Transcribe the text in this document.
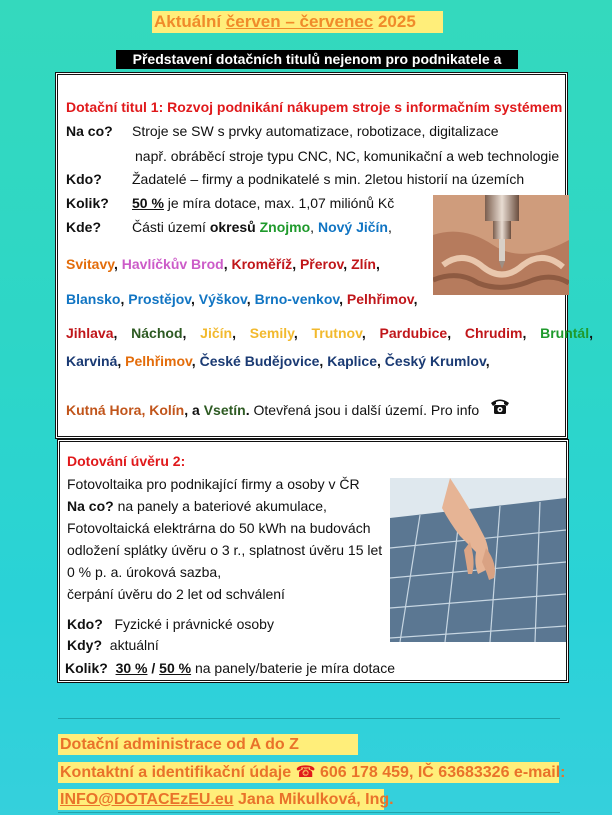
Aktuální červen – červenec 2025
Představení dotačních titulů nejenom pro podnikatele a
Dotační titul 1: Rozvoj podnikání nákupem stroje s informačním systémem
Na co? Stroje se SW s prvky automatizace, robotizace, digitalizace
např. obráběcí stroje typu CNC, NC, komunikační a web technologie
Kdo? Žadatelé – firmy a podnikatelé s min. 2letou historií na územích
Kolik? 50 % je míra dotace, max. 1,07 miliónů Kč
Kde? Části území okresů Znojmo, Nový Jičín,
Svitavy, Havlíčkův Brod, Kroměříž, Přerov, Zlín,
Blansko, Prostějov, Výškov, Brno-venkov, Pelhřimov,
Jihlava,  Náchod,  Jičín,  Semily,  Trutnov,  Pardubice,  Chrudim,  Bruntál,
Karviná, Pelhřimov, České Budějovice, Kaplice, Český Krumlov,
Kutná Hora, Kolín, a Vsetín. Otevřená jsou i další území. Pro info
Dotování úvěru 2:
Fotovoltaika pro podnikající firmy a osoby v ČR
Na co? na panely a bateriové akumulace,
Fotovoltaická elektrárna do 50 kWh na budovách
odložení splátky úvěru o 3 r., splatnost úvěru 15 let
0 % p. a. úroková sazba,
čerpání úvěru do 2 let od schválení
Kdo? Fyzické i právnické osoby
Kdy? aktuální
Kolik? 30 % / 50 % na panely/baterie je míra dotace
Dotační administrace od A do Z
Kontaktní a identifikační údaje ☎ 606 178 459, IČ 63683326 e-mail:
INFO@DOTACEzEU.eu Jana Mikulková, Ing.
